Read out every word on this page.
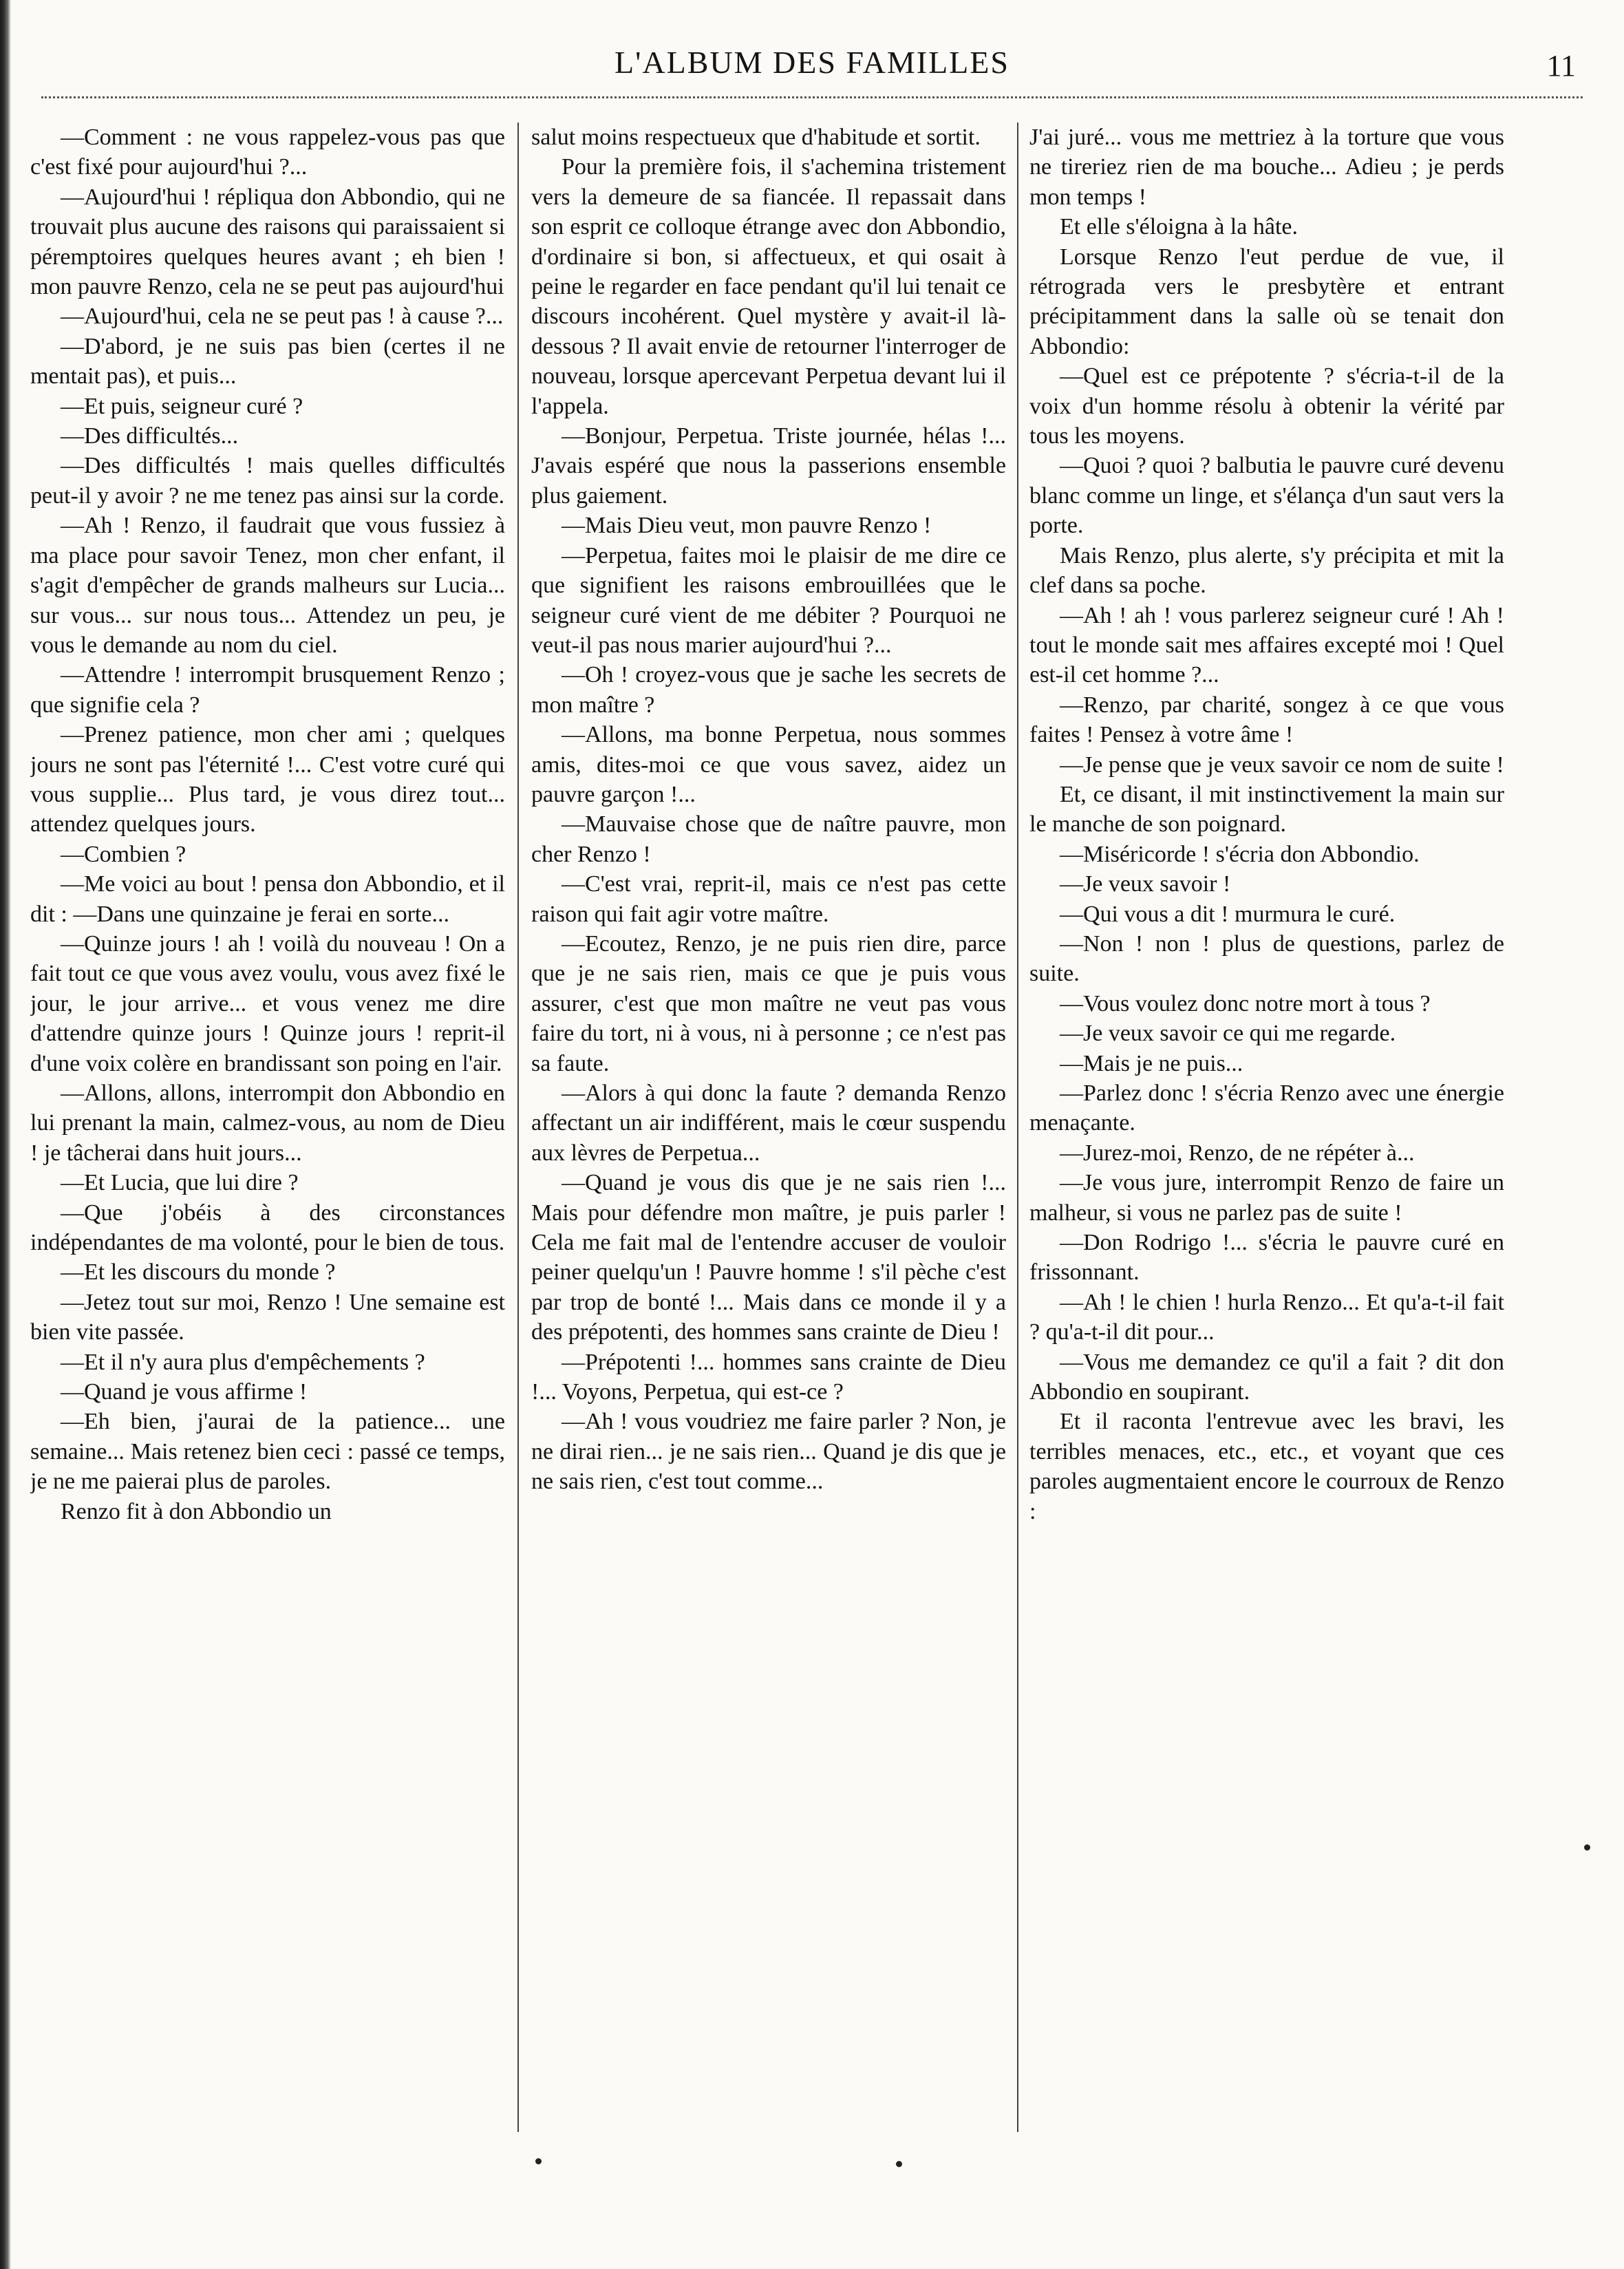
L'ALBUM DES FAMILLES	11

—Comment : ne vous rappelez-vous pas que c'est fixé pour aujourd'hui ?...

—Aujourd'hui ! répliqua don Abbondio, qui ne trouvait plus aucune des raisons qui paraissaient si péremptoires quelques heures avant ; eh bien ! mon pauvre Renzo, cela ne se peut pas aujourd'hui

—Aujourd'hui, cela ne se peut pas ! à cause ?...

—D'abord, je ne suis pas bien (certes il ne mentait pas), et puis...

—Et puis, seigneur curé ?

—Des difficultés...

—Des difficultés ! mais quelles difficultés peut-il y avoir ? ne me tenez pas ainsi sur la corde.

—Ah ! Renzo, il faudrait que vous fussiez à ma place pour savoir Tenez, mon cher enfant, il s'agit d'empêcher de grands malheurs sur Lucia... sur vous... sur nous tous... Attendez un peu, je vous le demande au nom du ciel.

—Attendre ! interrompit brusquement Renzo ; que signifie cela ?

—Prenez patience, mon cher ami ; quelques jours ne sont pas l'éternité !... C'est votre curé qui vous supplie... Plus tard, je vous direz tout... attendez quelques jours.

—Combien ?

—Me voici au bout ! pensa don Abbondio, et il dit : —Dans une quinzaine je ferai en sorte...

—Quinze jours ! ah ! voilà du nouveau ! On a fait tout ce que vous avez voulu, vous avez fixé le jour, le jour arrive... et vous venez me dire d'attendre quinze jours ! Quinze jours ! reprit-il d'une voix colère en brandissant son poing en l'air.

—Allons, allons, interrompit don Abbondio en lui prenant la main, calmez-vous, au nom de Dieu ! je tâcherai dans huit jours...

—Et Lucia, que lui dire ?

—Que j'obéis à des circonstances indépendantes de ma volonté, pour le bien de tous.

—Et les discours du monde ?

—Jetez tout sur moi, Renzo ! Une semaine est bien vite passée.

—Et il n'y aura plus d'empêchements ?

—Quand je vous affirme !

—Eh bien, j'aurai de la patience... une semaine... Mais retenez bien ceci : passé ce temps, je ne me paierai plus de paroles.

Renzo fit à don Abbondio un

salut moins respectueux que d'habitude et sortit.

Pour la première fois, il s'achemina tristement vers la demeure de sa fiancée. Il repassait dans son esprit ce colloque étrange avec don Abbondio, d'ordinaire si bon, si affectueux, et qui osait à peine le regarder en face pendant qu'il lui tenait ce discours incohérent. Quel mystère y avait-il là-dessous ? Il avait envie de retourner l'interroger de nouveau, lorsque apercevant Perpetua devant lui il l'appela.

—Bonjour, Perpetua. Triste journée, hélas !... J'avais espéré que nous la passerions ensemble plus gaiement.

—Mais Dieu veut, mon pauvre Renzo !

—Perpetua, faites moi le plaisir de me dire ce que signifient les raisons embrouillées que le seigneur curé vient de me débiter ? Pourquoi ne veut-il pas nous marier aujourd'hui ?...

—Oh ! croyez-vous que je sache les secrets de mon maître ?

—Allons, ma bonne Perpetua, nous sommes amis, dites-moi ce que vous savez, aidez un pauvre garçon !...

—Mauvaise chose que de naître pauvre, mon cher Renzo !

—C'est vrai, reprit-il, mais ce n'est pas cette raison qui fait agir votre maître.

—Ecoutez, Renzo, je ne puis rien dire, parce que je ne sais rien, mais ce que je puis vous assurer, c'est que mon maître ne veut pas vous faire du tort, ni à vous, ni à personne ; ce n'est pas sa faute.

—Alors à qui donc la faute ? demanda Renzo affectant un air indifférent, mais le cœur suspendu aux lèvres de Perpetua...

—Quand je vous dis que je ne sais rien !... Mais pour défendre mon maître, je puis parler ! Cela me fait mal de l'entendre accuser de vouloir peiner quelqu'un ! Pauvre homme ! s'il pèche c'est par trop de bonté !... Mais dans ce monde il y a des prépotenti, des hommes sans crainte de Dieu !

—Prépotenti !... hommes sans crainte de Dieu !... Voyons, Perpetua, qui est-ce ?

—Ah ! vous voudriez me faire parler ? Non, je ne dirai rien... je ne sais rien... Quand je dis que je ne sais rien, c'est tout comme...

J'ai juré... vous me mettriez à la torture que vous ne tireriez rien de ma bouche... Adieu ; je perds mon temps !

Et elle s'éloigna à la hâte.

Lorsque Renzo l'eut perdue de vue, il rétrograda vers le presbytère et entrant précipitamment dans la salle où se tenait don Abbondio:

—Quel est ce prépotente ? s'écria-t-il de la voix d'un homme résolu à obtenir la vérité par tous les moyens.

—Quoi ? quoi ? balbutia le pauvre curé devenu blanc comme un linge, et s'élança d'un saut vers la porte.

Mais Renzo, plus alerte, s'y précipita et mit la clef dans sa poche.

—Ah ! ah ! vous parlerez seigneur curé ! Ah ! tout le monde sait mes affaires excepté moi ! Quel est-il cet homme ?...

—Renzo, par charité, songez à ce que vous faites ! Pensez à votre âme !

—Je pense que je veux savoir ce nom de suite !

Et, ce disant, il mit instinctivement la main sur le manche de son poignard.

—Miséricorde ! s'écria don Abbondio.

—Je veux savoir !

—Qui vous a dit ! murmura le curé.

—Non ! non ! plus de questions, parlez de suite.

—Vous voulez donc notre mort à tous ?

—Je veux savoir ce qui me regarde.

—Mais je ne puis...

—Parlez donc ! s'écria Renzo avec une énergie menaçante.

—Jurez-moi, Renzo, de ne répéter à...

—Je vous jure, interrompit Renzo de faire un malheur, si vous ne parlez pas de suite !

—Don Rodrigo !... s'écria le pauvre curé en frissonnant.

—Ah ! le chien ! hurla Renzo... Et qu'a-t-il fait ? qu'a-t-il dit pour...

—Vous me demandez ce qu'il a fait ? dit don Abbondio en soupirant.

Et il raconta l'entrevue avec les bravi, les terribles menaces, etc., etc., et voyant que ces paroles augmentaient encore le courroux de Renzo :
